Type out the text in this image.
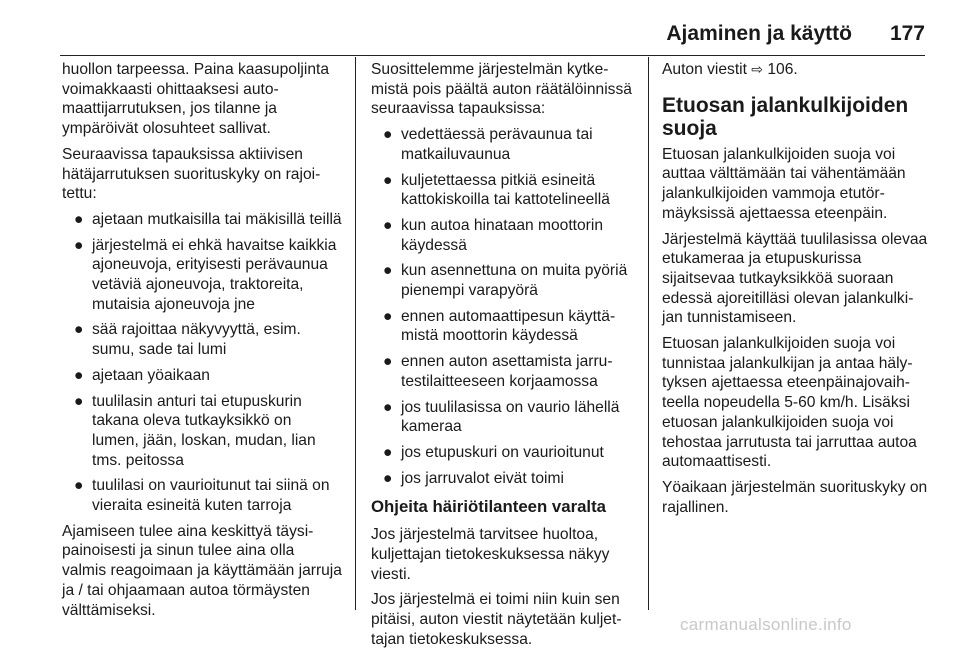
Ajaminen ja käyttö 177

huollon tarpeessa. Paina kaasupoljinta voimakkaasti ohittaaksesi automaattijarrutuksen, jos tilanne ja ympäröivät olosuhteet sallivat.

Seuraavissa tapauksissa aktiivisen hätäjarrutuksen suorituskyky on rajoitettu:

● ajetaan mutkaisilla tai mäkisillä teillä
● järjestelmä ei ehkä havaitse kaikkia ajoneuvoja, erityisesti perävaunua vetäviä ajoneuvoja, traktoreita, mutaisia ajoneuvoja jne
● sää rajoittaa näkyvyyttä, esim. sumu, sade tai lumi
● ajetaan yöaikaan
● tuulilasin anturi tai etupuskurin takana oleva tutkayksikkö on lumen, jään, loskan, mudan, lian tms. peitossa
● tuulilasi on vaurioitunut tai siinä on vieraita esineitä kuten tarroja

Ajamiseen tulee aina keskittyä täysipainoisesti ja sinun tulee aina olla valmis reagoimaan ja käyttämään jarruja ja / tai ohjaamaan autoa törmäysten välttämiseksi.

Suosittelemme järjestelmän kytkemistä pois päältä auton räätälöinnissä seuraavissa tapauksissa:

● vedettäessä perävaunua tai matkailuvaunua
● kuljetettaessa pitkiä esineitä kattokiskoilla tai kattotelineellä
● kun autoa hinataan moottorin käydessä
● kun asennettuna on muita pyöriä pienempi varapyörä
● ennen automaattipesun käyttämistä moottorin käydessä
● ennen auton asettamista jarrutestilaitteeseen korjaamossa
● jos tuulilasissa on vaurio lähellä kameraa
● jos etupuskuri on vaurioitunut
● jos jarruvalot eivät toimi
Ohjeita häiriötilanteen varalta

Jos järjestelmä tarvitsee huoltoa, kuljettajan tietokeskuksessa näkyy viesti.

Jos järjestelmä ei toimi niin kuin sen pitäisi, auton viestit näytetään kuljettajan tietokeskuksessa.

Auton viestit ⇨ 106.

Etuosan jalankulkijoiden suoja

Etuosan jalankulkijoiden suoja voi auttaa välttämään tai vähentämään jalankulkijoiden vammoja etutörmäyksissä ajettaessa eteenpäin.

Järjestelmä käyttää tuulilasissa olevaa etukameraa ja etupuskurissa sijaitsevaa tutkayksikköä suoraan edessä ajoreitilläsi olevan jalankulkijan tunnistamiseen.

Etuosan jalankulkijoiden suoja voi tunnistaa jalankulkijan ja antaa hälytyksen ajettaessa eteenpäinajovaihteella nopeudella 5-60 km/h. Lisäksi etuosan jalankulkijoiden suoja voi tehostaa jarrutusta tai jarruttaa autoa automaattisesti.

Yöaikaan järjestelmän suorituskyky on rajallinen.

carmanualsonline.info
